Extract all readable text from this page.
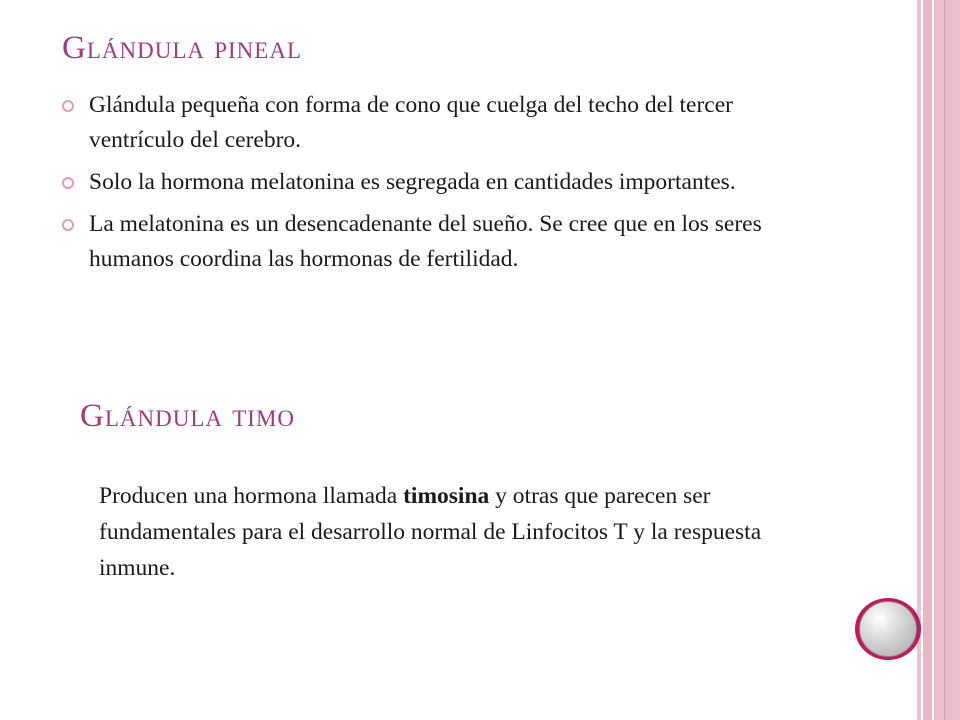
Glándula pineal
Glándula pequeña con forma de cono que cuelga del techo del tercer ventrículo del cerebro.
Solo la hormona melatonina es segregada en cantidades importantes.
La melatonina es un desencadenante del sueño. Se cree que en los seres humanos coordina las hormonas de fertilidad.
Glándula timo

Producen una hormona llamada timosina y otras que parecen ser fundamentales para el desarrollo normal de Linfocitos T y la respuesta inmune.
